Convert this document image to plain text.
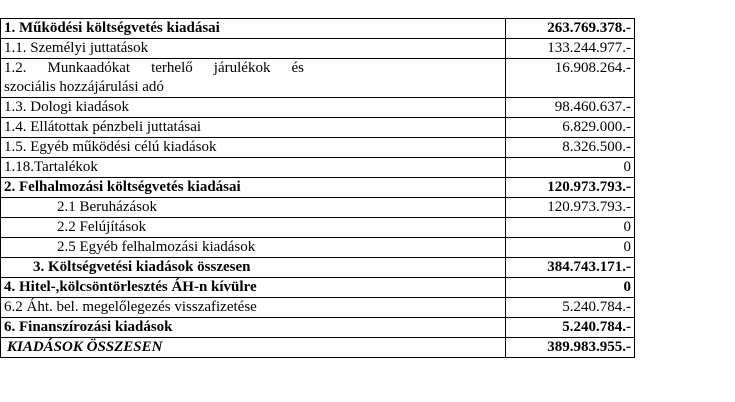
1. Működési költségvetés kiadásai	263.769.378.-
1.1. Személyi juttatások	133.244.977.-

1.2. Munkaadókat terhelő járulékok és
szociális hozzájárulási adó	16.908.264.-
1.3. Dologi kiadások	98.460.637.-
1.4. Ellátottak pénzbeli juttatásai	6.829.000.-
1.5. Egyéb működési célú kiadások	8.326.500.-
1.18.Tartalékok	0
2. Felhalmozási költségvetés kiadásai	120.973.793.-
2.1 Beruházások	120.973.793.-
2.2 Felújítások	0
2.5 Egyéb felhalmozási kiadások	0
3. Költségvetési kiadások összesen	384.743.171.-
4. Hitel-,kölcsöntörlesztés ÁH-n kívülre	0
6.2 Áht. bel. megelőlegezés visszafizetése	5.240.784.-
6. Finanszírozási kiadások	5.240.784.-
KIADÁSOK ÖSSZESEN	389.983.955.-
